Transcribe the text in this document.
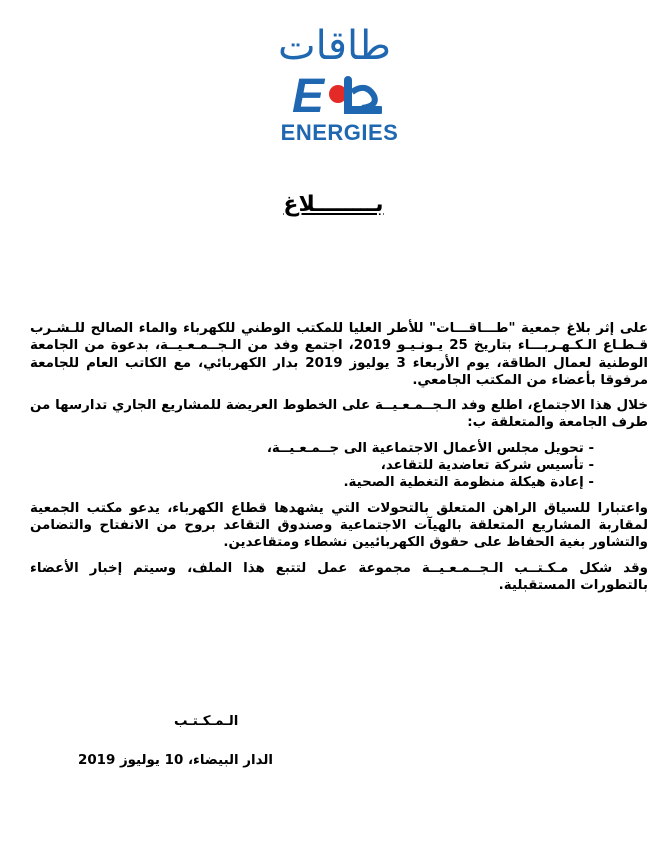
طاقات
E
ENERGIES
بــــــــلاغ

على إثر بلاغ جمعية "طـــاقـــات" للأطر العليا للمكتب الوطني للكهرباء والماء الصالح للـشـرب قـطـاع الـكـهـربـــاء بتاريخ 25 يـونـيـو 2019، اجتمع وفد من الـجــمـعـيــة، بدعوة من الجامعة الوطنية لعمال الطاقة، يوم الأربعاء 3 يوليوز 2019 بدار الكهربائي، مع الكاتب العام للجامعة مرفوقا بأعضاء من المكتب الجامعي.

خلال هذا الاجتماع، اطلع وفد الـجــمـعـيــة على الخطوط العريضة للمشاريع الجاري تدارسها من طرف الجامعة والمتعلقة ب:

- تحويل مجلس الأعمال الاجتماعية الى جــمـعـيــة،
- تأسيس شركة تعاضدية للتقاعد،
- إعادة هيكلة منظومة التغطية الصحية.

واعتبارا للسياق الراهن المتعلق بالتحولات التي يشهدها قطاع الكهرباء، يدعو مكتب الجمعية لمقاربة المشاريع المتعلقة بالهيآت الاجتماعية وصندوق التقاعد بروح من الانفتاح والتضامن والتشاور بغية الحفاظ على حقوق الكهربائيين نشطاء ومتقاعدين.

وقد شكل مـكـتــب الـجــمـعـيــة مجموعة عمل لتتبع هذا الملف، وسيتم إخبار الأعضاء بالتطورات المستقبلية.

الـمـكـتـب
الدار البيضاء، 10 يوليوز 2019
